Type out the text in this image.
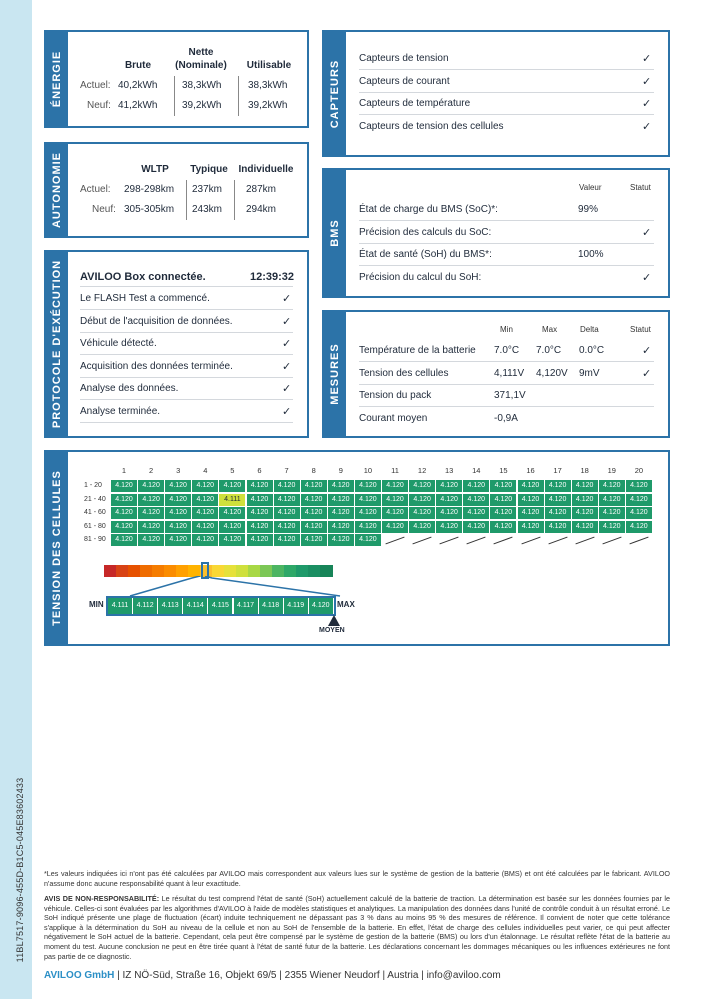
11BL7517-9096-455D-B1C5-045E83602433
ÉNERGIE	Brute
Nette
(Nominale)	Utilisable
Actuel: 40,2kWh 38,3kWh	38,3kWh
Neuf: 41,2kWh 39,2kWh	39,2kWh
AUTONOMIE	WLTP	Typique	Individuelle
Actuel: 298-298km 237km 287km
Neuf: 305-305km 243km 294km
PROTOCOLE D'EXÉCUTION AVILOO Box connectée.	12:39:32
Le FLASH Test a commencé.	✓
Début de l'acquisition de données.	✓
Véhicule détecté.	✓
Acquisition des données terminée.	✓
Analyse des données.	✓
Analyse terminée.	✓
CAPTEURS
Capteurs de tension	✓
Capteurs de courant	✓
Capteurs de température	✓
Capteurs de tension des cellules	✓
BMS
Valeur	Statut
État de charge du BMS (SoC)*:	99%
Précision des calculs du SoC:	✓
État de santé (SoH) du BMS*:	100%
Précision du calcul du SoH:	✓
MESURES
Min	Max	Delta	Statut
Température de la batterie 7.0°C 7.0°C 0.0°C	✓
Tension des cellules	4,111V 4,120V 9mV	✓
Tension du pack	371,1V
Courant moyen	-0,9A
TENSION DES CELLULES	1	2	3	4	5	6	7	8	9	10	11	12	13	14	15	16	17	18	19	20
1 - 20	4.120	4.120	4.120	4.120	4.120	4.120	4.120	4.120	4.120	4.120	4.120	4.120	4.120	4.120	4.120	4.120	4.120	4.120	4.120	4.120
21 - 40	4.120	4.120	4.120	4.120	4.111	4.120	4.120	4.120	4.120	4.120	4.120	4.120	4.120	4.120	4.120	4.120	4.120	4.120	4.120	4.120
41 - 60	4.120	4.120	4.120	4.120	4.120	4.120	4.120	4.120	4.120	4.120	4.120	4.120	4.120	4.120	4.120	4.120	4.120	4.120	4.120	4.120
61 - 80	4.120	4.120	4.120	4.120	4.120	4.120	4.120	4.120	4.120	4.120	4.120	4.120	4.120	4.120	4.120	4.120	4.120	4.120	4.120	4.120
81 - 90	4.120	4.120	4.120	4.120	4.120	4.120	4.120	4.120	4.120	4.120
MIN	4.111	4.112	4.113	4.114	4.115	4.117	4.118	4.119	4.120 MAX
MOYEN
*Les valeurs indiquées ici n'ont pas été calculées par AVILOO mais correspondent aux valeurs lues sur le système de gestion de la batterie (BMS) et ont été calculées par le fabricant. AVILOO n'assume donc aucune responsabilité quant à leur exactitude.
AVIS DE NON-RESPONSABILITÉ: Le résultat du test comprend l'état de santé (SoH) actuellement calculé de la batterie de traction. La détermination est basée sur les données fournies par le véhicule. Celles-ci sont évaluées par les algorithmes d'AVILOO à l'aide de modèles statistiques et analytiques. La manipulation des données dans l'unité de contrôle conduit à un résultat erroné. Le SoH indiqué présente une plage de fluctuation (écart) induite techniquement ne dépassant pas 3 % dans au moins 95 % des mesures de référence. Il convient de noter que cette tolérance s'applique à la détermination du SoH au niveau de la cellule et non au SoH de l'ensemble de la batterie. En effet, l'état de charge des cellules individuelles peut varier, ce qui peut affecter négativement le SoH actuel de la batterie. Cependant, cela peut être compensé par le système de gestion de la batterie (BMS) ou lors d'un étalonnage. Le résultat reflète l'état de la batterie au moment du test. Aucune conclusion ne peut en être tirée quant à l'état de santé futur de la batterie. Les déclarations concernant les dommages mécaniques ou les influences extérieures ne font pas partie de ce diagnostic.
AVILOO GmbH | IZ NÖ-Süd, Straße 16, Objekt 69/5 | 2355 Wiener Neudorf | Austria | info@aviloo.com
